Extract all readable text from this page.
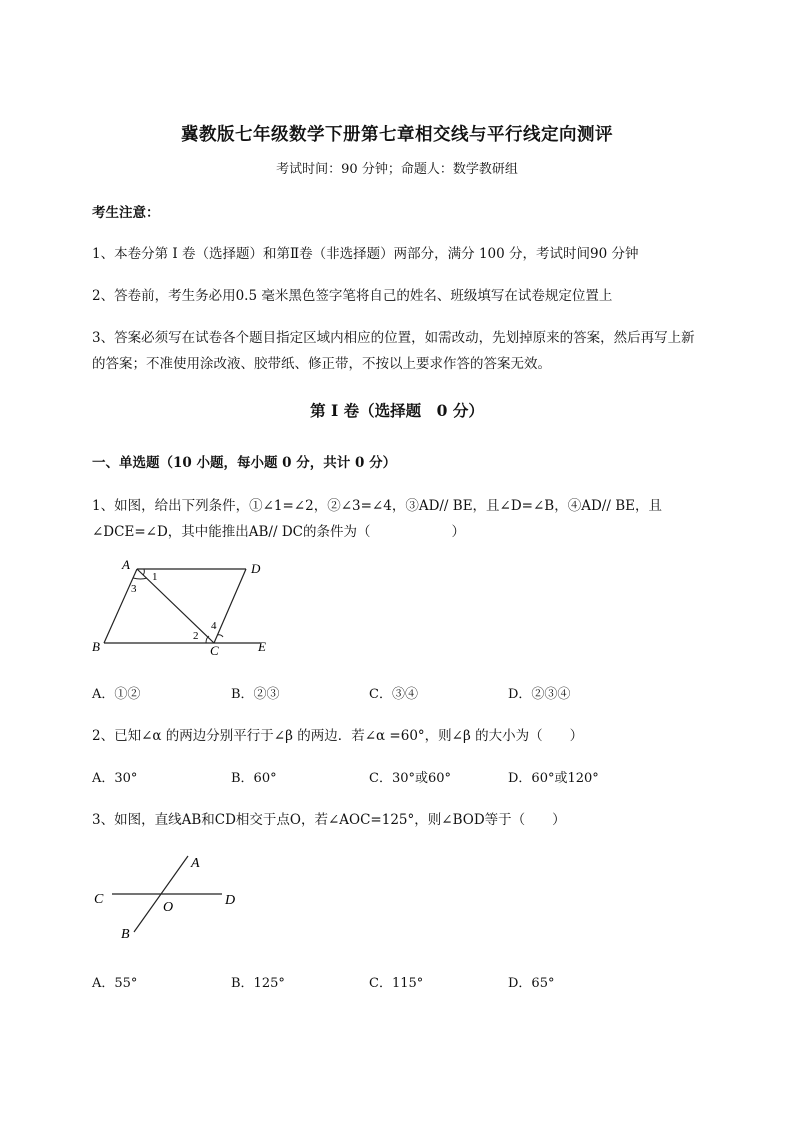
冀教版七年级数学下册第七章相交线与平行线定向测评
考试时间：90 分钟；命题人：数学教研组
考生注意：
1、本卷分第 I 卷（选择题）和第Ⅱ卷（非选择题）两部分，满分 100 分，考试时间90 分钟
2、答卷前，考生务必用0.5 毫米黑色签字笔将自己的姓名、班级填写在试卷规定位置上
3、答案必须写在试卷各个题目指定区域内相应的位置，如需改动，先划掉原来的答案，然后再写上新
的答案；不准使用涂改液、胶带纸、修正带，不按以上要求作答的答案无效。
第 I 卷（选择题　0 分）
一、单选题（10 小题，每小题 0 分，共计 0 分）
1、如图，给出下列条件，①∠1=∠2，②∠3=∠4，③AD// BE，且∠D=∠B，④AD// BE，且
∠DCE=∠D，其中能推出AB// DC的条件为（　　　　　　）
A	D
B	C	E
1
3
2
4
A．①②	B．②③	C．③④	D．②③④
2、已知∠α 的两边分别平行于∠β 的两边．若∠α =60°，则∠β 的大小为（　　）
A．30°	B．60°	C．30°或60°	D．60°或120°
3、如图，直线AB和CD相交于点O，若∠AOC=125°，则∠BOD等于（　　）
A
C	D
O
B
A．55°	B．125°	C．115°	D．65°
